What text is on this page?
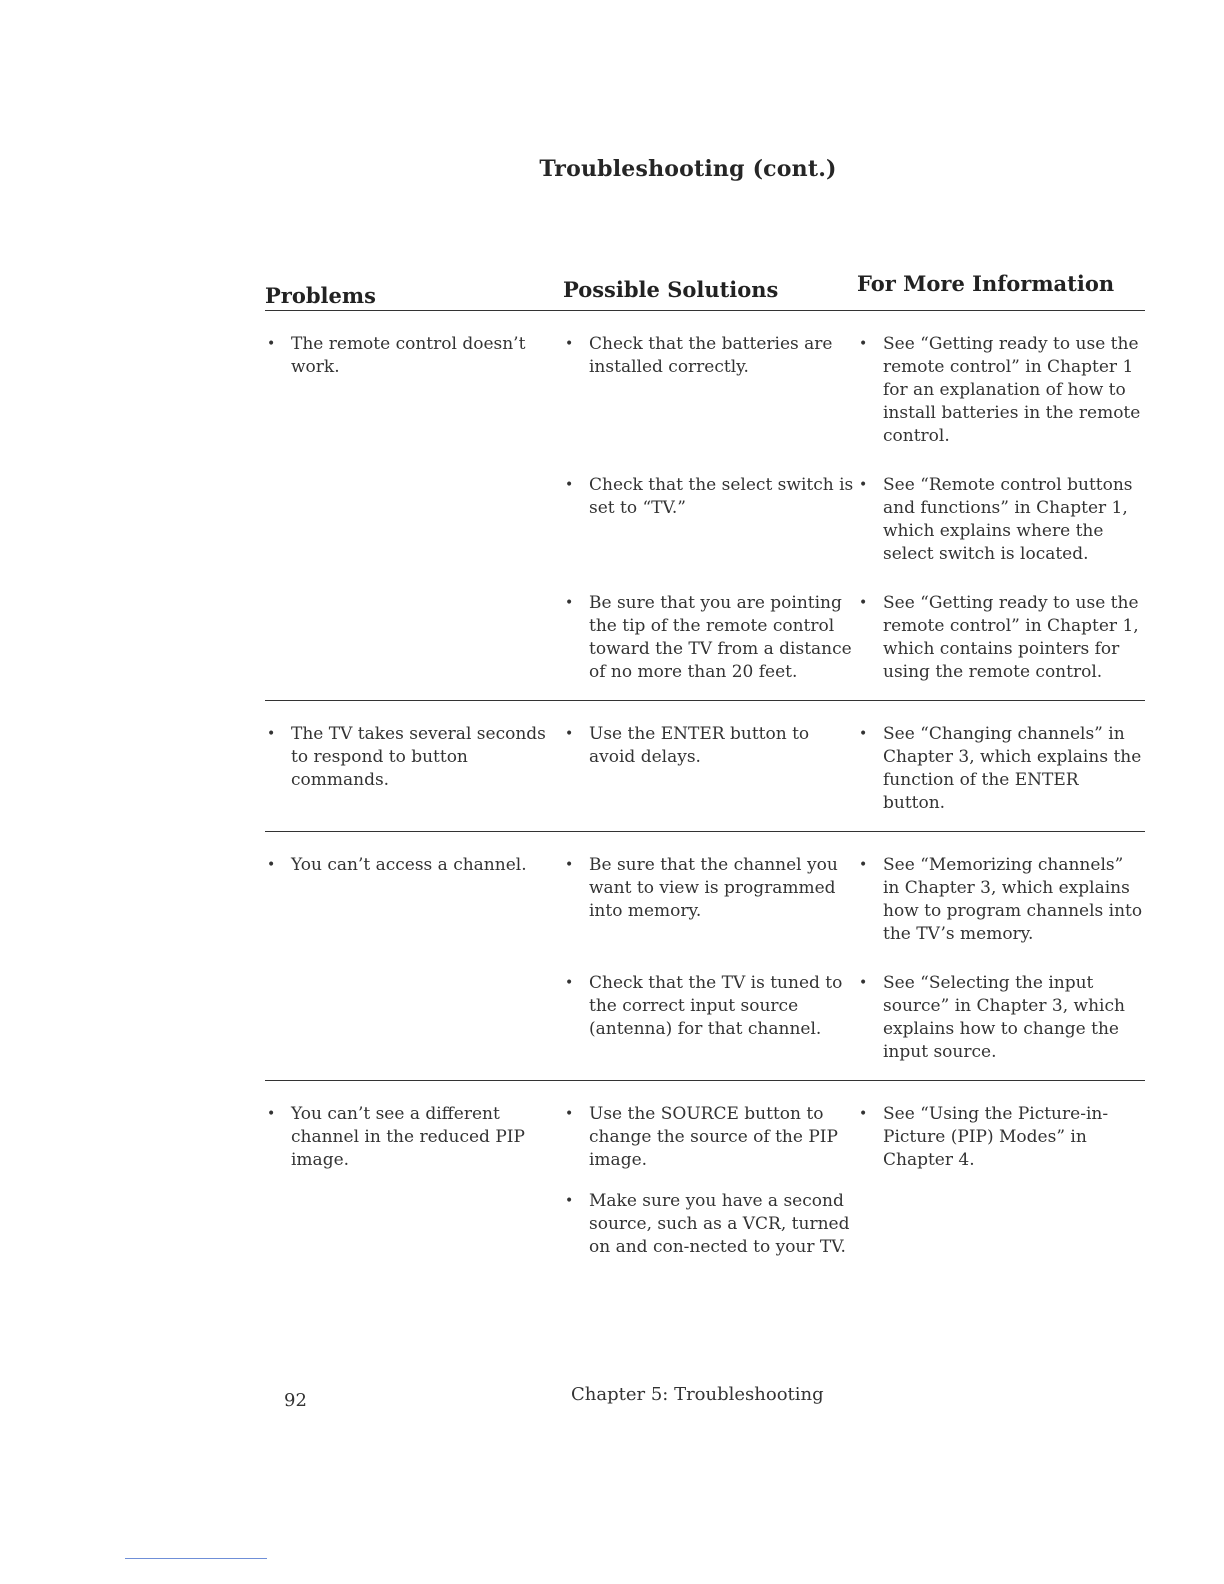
Troubleshooting (cont.)
Problems	Possible Solutions	For More Information
• The remote control doesn’t work.
• Check that the batteries are installed correctly.
• See “Getting ready to use the remote control” in Chapter 1 for an explanation of how to install batteries in the remote control.
• Check that the select switch is set to “TV.”
• See “Remote control buttons and functions” in Chapter 1, which explains where the select switch is located.
• Be sure that you are pointing the tip of the remote control toward the TV from a distance of no more than 20 feet.
• See “Getting ready to use the remote control” in Chapter 1, which contains pointers for using the remote control.
• The TV takes several seconds to respond to button commands.
• Use the ENTER button to avoid delays.
• See “Changing channels” in Chapter 3, which explains the function of the ENTER button.
• You can’t access a channel.
•	Be sure that the channel you want to view is programmed into memory.
• See “Memorizing channels” in Chapter 3, which explains how to program channels into the TV’s memory.
• Check that the TV is tuned to the correct input source (antenna) for that channel.
• See “Selecting the input source” in Chapter 3, which explains how to change the input source.
• You can’t see a different channel in the reduced PIP image.
• Use the SOURCE button to change the source of the PIP image.
• See “Using the Picture-in-Picture (PIP) Modes” in Chapter 4.
• Make sure you have a second source, such as a VCR, turned on and con-nected to your TV.
92	Chapter 5: Troubleshooting
